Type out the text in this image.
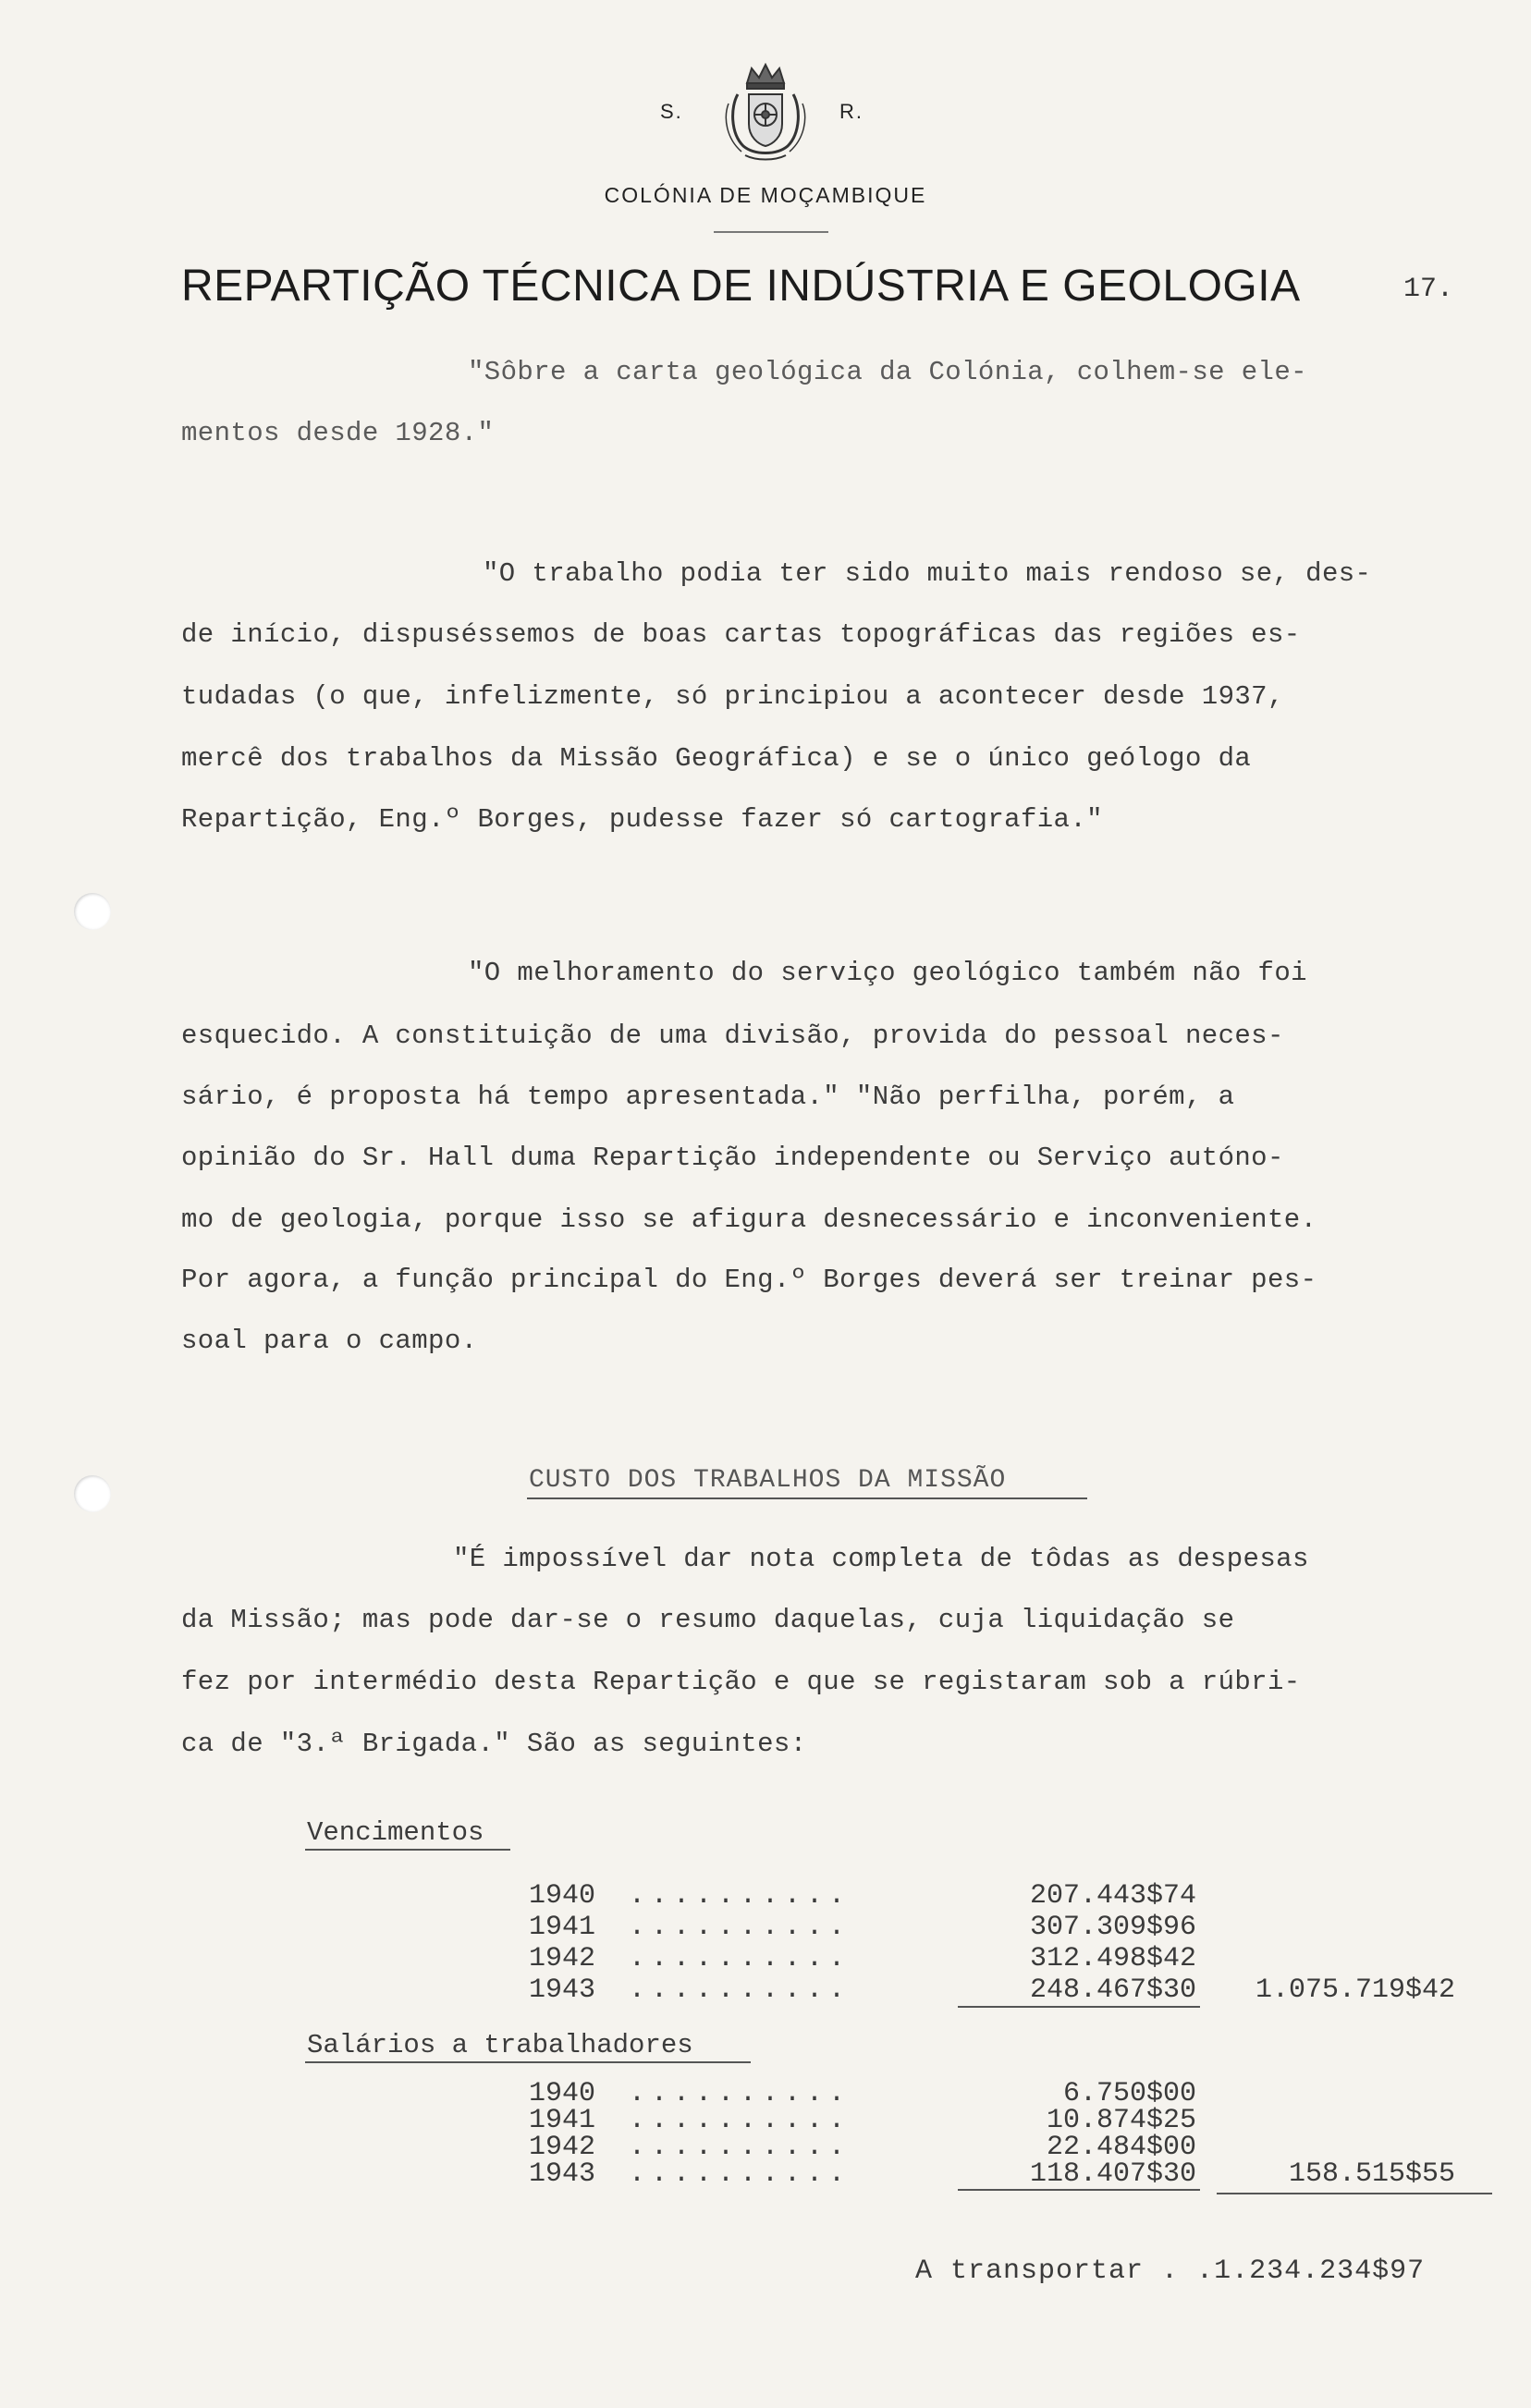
S.	R.
COLÓNIA DE MOÇAMBIQUE
REPARTIÇÃO TÉCNICA DE INDÚSTRIA E GEOLOGIA	17.
"Sôbre a carta geológica da Colónia, colhem-se ele-
mentos desde 1928."
"O trabalho podia ter sido muito mais rendoso se, des-
de início, dispuséssemos de boas cartas topográficas das regiões es-
tudadas (o que, infelizmente, só principiou a acontecer desde 1937,
mercê dos trabalhos da Missão Geográfica) e se o único geólogo da
Repartição, Eng.º Borges, pudesse fazer só cartografia."
"O melhoramento do serviço geológico também não foi
esquecido. A constituição de uma divisão, provida do pessoal neces-
sário, é proposta há tempo apresentada." "Não perfilha, porém, a
opinião do Sr. Hall duma Repartição independente ou Serviço autóno-
mo de geologia, porque isso se afigura desnecessário e inconveniente.
Por agora, a função principal do Eng.º Borges deverá ser treinar pes-
soal para o campo.
CUSTO DOS TRABALHOS DA MISSÃO
"É impossível dar nota completa de tôdas as despesas
da Missão; mas pode dar-se o resumo daquelas, cuja liquidação se
fez por intermédio desta Repartição e que se registaram sob a rúbri-
ca de "3.ª Brigada." São as seguintes:
Vencimentos
1940 ..........	207.443$74
1941 ..........	307.309$96
1942 ..........	312.498$42
1943 ..........	248.467$30	1.075.719$42
Salários a trabalhadores
1940 ..........	6.750$00
1941 ..........	10.874$25
1942 ..........	22.484$00
1943 ..........	118.407$30	158.515$55
A transportar . .1.234.234$97
